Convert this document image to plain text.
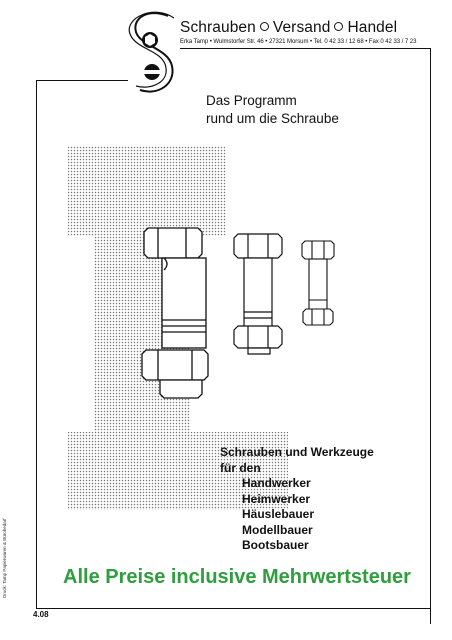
Schrauben Versand Handel
Erka Tamp • Wulmstorfer Str. 46 • 27321 Morsum • Tel. 0 42 33 / 12 68 • Fax 0 42 33 / 7 23
Das Programm
rund um die Schraube
Schrauben und Werkzeuge
für den
Handwerker
Heimwerker
Häuslebauer
Modellbauer
Bootsbauer
Alle Preise inclusive Mehrwertsteuer
Druck: Tamp Papierwaren & Bürobedarf
4.08
